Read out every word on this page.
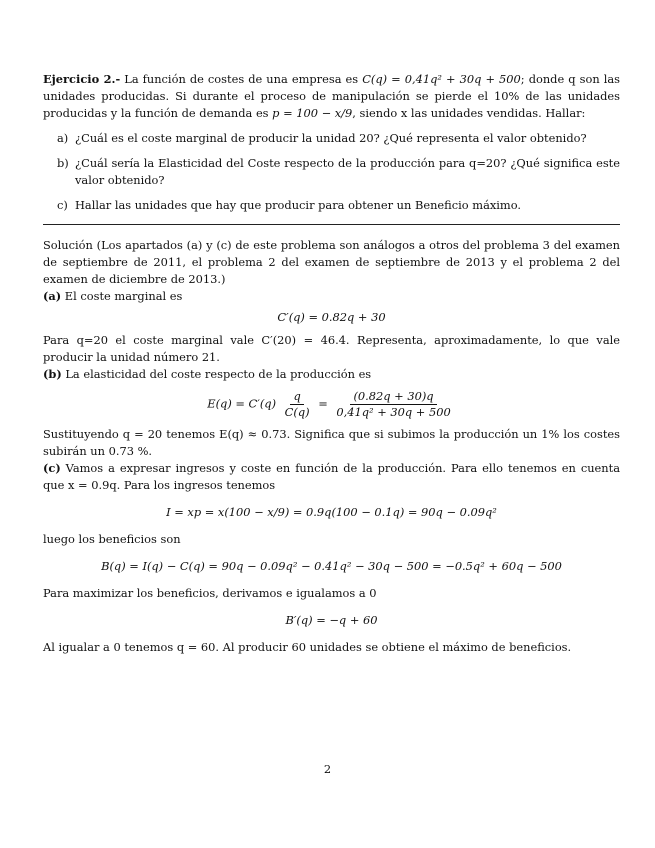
Ejercicio 2.- La función de costes de una empresa es C(q) = 0,41q² + 30q + 500; donde q son las unidades producidas. Si durante el proceso de manipulación se pierde el 10% de las unidades producidas y la función de demanda es p = 100 − x/9, siendo x las unidades vendidas. Hallar:

a) ¿Cuál es el coste marginal de producir la unidad 20? ¿Qué representa el valor obtenido?
b) ¿Cuál sería la Elasticidad del Coste respecto de la producción para q=20? ¿Qué significa este valor obtenido?
c) Hallar las unidades que hay que producir para obtener un Beneficio máximo.

Solución (Los apartados (a) y (c) de este problema son análogos a otros del problema 3 del examen de septiembre de 2011, el problema 2 del examen de septiembre de 2013 y el problema 2 del examen de diciembre de 2013.)

(a) El coste marginal es

C′(q) = 0.82q + 30

Para q=20 el coste marginal vale C′(20) = 46.4. Representa, aproximadamente, lo que vale producir la unidad número 21.

(b) La elasticidad del coste respecto de la producción es

$E(q) = C'(q) \frac{q}{C(q)} = \frac{(0.82q + 30)q}{\text{0,41q² + 30q + 500}}$

Sustituyendo q = 20 tenemos E(q) ≈ 0.73. Significa que si subimos la producción un 1% los costes subirán un 0.73 %.

(c) Vamos a expresar ingresos y coste en función de la producción. Para ello tenemos en cuenta que x = 0.9q. Para los ingresos tenemos

I = xp = x(100 − x/9) = 0.9q(100 − 0.1q) = 90q − 0.09q²

luego los beneficios son

B(q) = I(q) − C(q) = 90q − 0.09q² − 0.41q² − 30q − 500 = −0.5q² + 60q − 500

Para maximizar los beneficios, derivamos e igualamos a 0

B′(q) = −q + 60

Al igualar a 0 tenemos q = 60. Al producir 60 unidades se obtiene el máximo de beneficios.

2
